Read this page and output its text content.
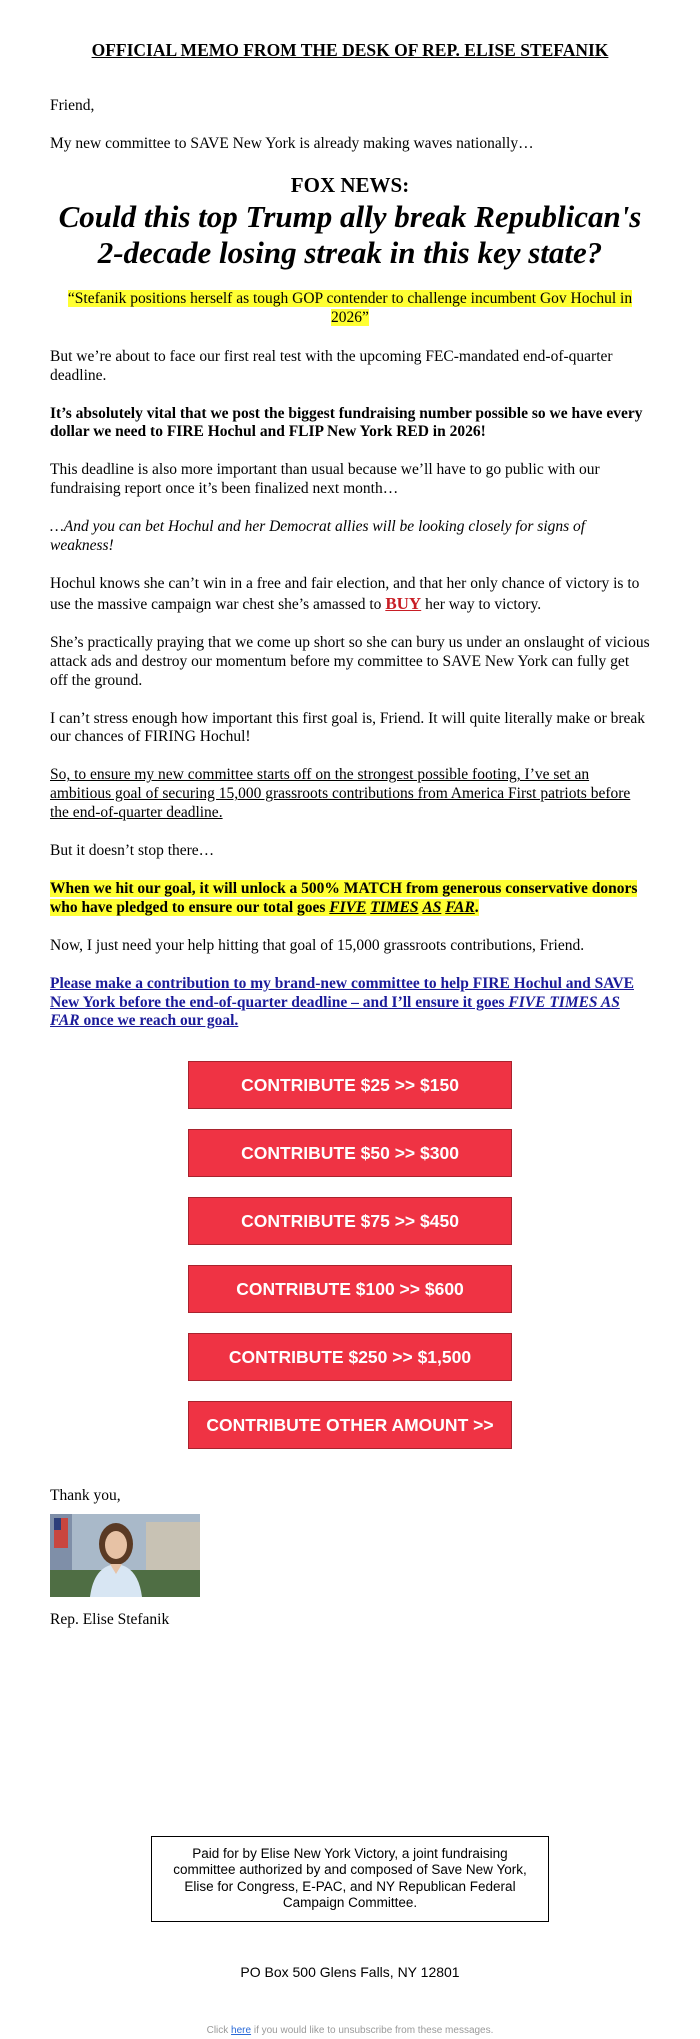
OFFICIAL MEMO FROM THE DESK OF REP. ELISE STEFANIK

Friend,

My new committee to SAVE New York is already making waves nationally…

FOX NEWS:
Could this top Trump ally break Republican's 2-decade losing streak in this key state?
“Stefanik positions herself as tough GOP contender to challenge incumbent Gov Hochul in 2026”

But we’re about to face our first real test with the upcoming FEC-mandated end-of-quarter deadline.

It’s absolutely vital that we post the biggest fundraising number possible so we have every dollar we need to FIRE Hochul and FLIP New York RED in 2026!

This deadline is also more important than usual because we’ll have to go public with our fundraising report once it’s been finalized next month…

…And you can bet Hochul and her Democrat allies will be looking closely for signs of weakness!

Hochul knows she can’t win in a free and fair election, and that her only chance of victory is to use the massive campaign war chest she’s amassed to BUY her way to victory.

She’s practically praying that we come up short so she can bury us under an onslaught of vicious attack ads and destroy our momentum before my committee to SAVE New York can fully get off the ground.

I can’t stress enough how important this first goal is, Friend. It will quite literally make or break our chances of FIRING Hochul!

So, to ensure my new committee starts off on the strongest possible footing, I’ve set an ambitious goal of securing 15,000 grassroots contributions from America First patriots before the end-of-quarter deadline.

But it doesn’t stop there…

When we hit our goal, it will unlock a 500% MATCH from generous conservative donors who have pledged to ensure our total goes FIVE TIMES AS FAR.

Now, I just need your help hitting that goal of 15,000 grassroots contributions, Friend.

Please make a contribution to my brand-new committee to help FIRE Hochul and SAVE New York before the end-of-quarter deadline – and I’ll ensure it goes FIVE TIMES AS FAR once we reach our goal.

CONTRIBUTE $25 >> $150
CONTRIBUTE $50 >> $300
CONTRIBUTE $75 >> $450
CONTRIBUTE $100 >> $600
CONTRIBUTE $250 >> $1,500
CONTRIBUTE OTHER AMOUNT >>

Thank you,

Rep. Elise Stefanik

Paid for by Elise New York Victory, a joint fundraising committee authorized by and composed of Save New York, Elise for Congress, E-PAC, and NY Republican Federal Campaign Committee.
PO Box 500 Glens Falls, NY 12801
Click here if you would like to unsubscribe from these messages.
